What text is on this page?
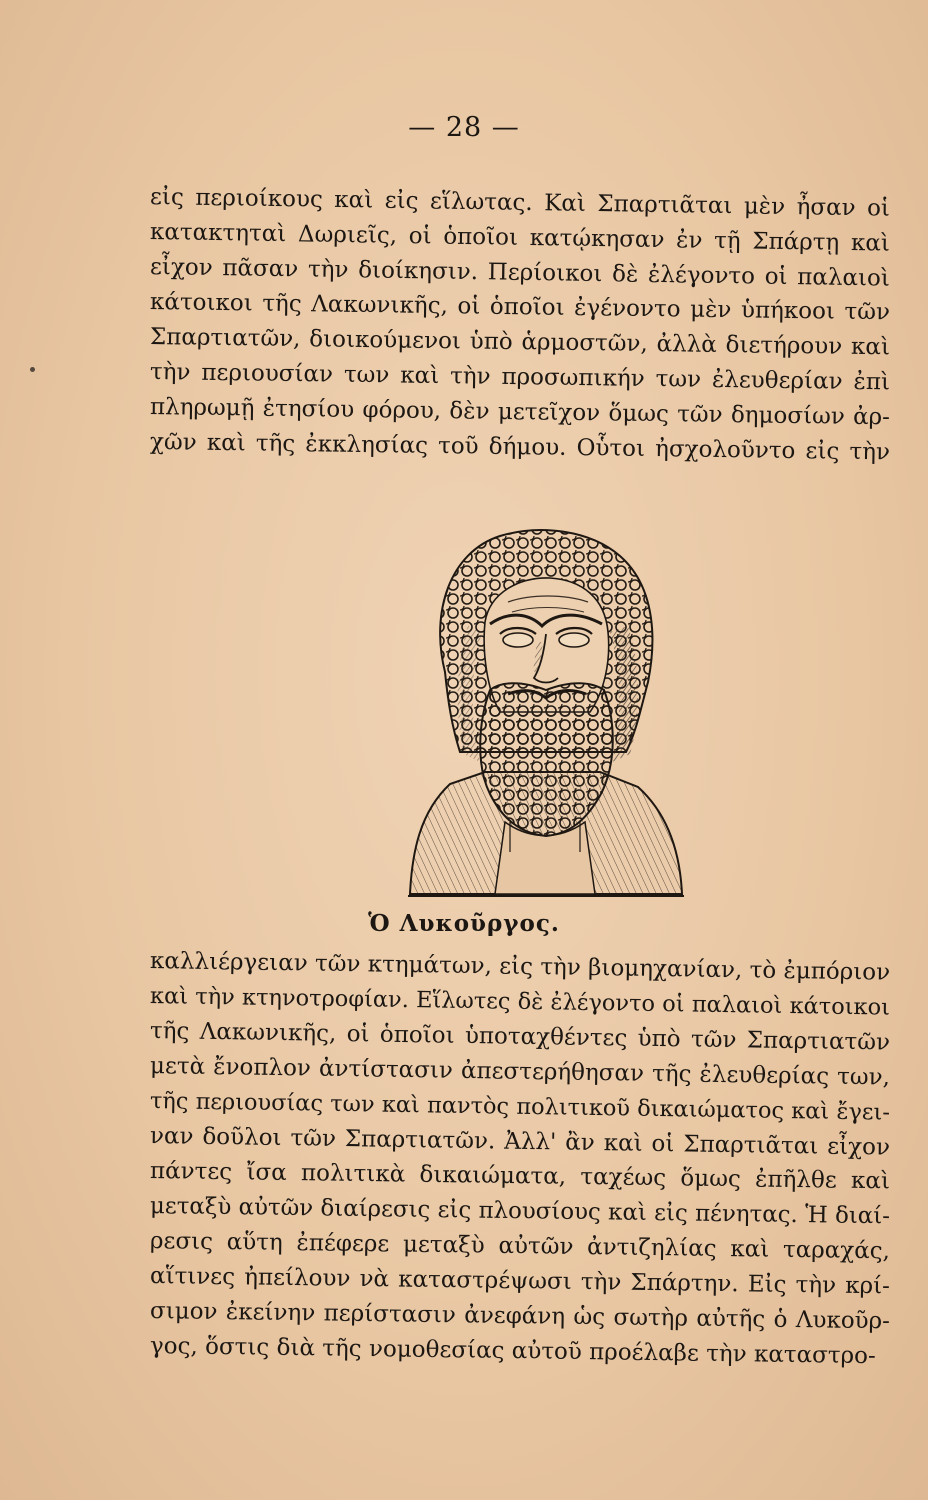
— 28 —
εἰς περιοίκους καὶ εἰς εἵλωτας. Καὶ Σπαρτιᾶται μὲν ἦσαν οἱ
κατακτηταὶ Δωριεῖς, οἱ ὁποῖοι κατῴκησαν ἐν τῇ Σπάρτῃ καὶ
εἶχον πᾶσαν τὴν διοίκησιν. Περίοικοι δὲ ἐλέγοντο οἱ παλαιοὶ
κάτοικοι τῆς Λακωνικῆς, οἱ ὁποῖοι ἐγένοντο μὲν ὑπήκοοι τῶν
Σπαρτιατῶν, διοικούμενοι ὑπὸ ἁρμοστῶν, ἀλλὰ διετήρουν καὶ
τὴν περιουσίαν των καὶ τὴν προσωπικήν των ἐλευθερίαν ἐπὶ
πληρωμῇ ἐτησίου φόρου, δὲν μετεῖχον ὅμως τῶν δημοσίων ἀρ-
χῶν καὶ τῆς ἐκκλησίας τοῦ δήμου. Οὗτοι ἠσχολοῦντο εἰς τὴν
Ὁ Λυκοῦργος.
καλλιέργειαν τῶν κτημάτων, εἰς τὴν βιομηχανίαν, τὸ ἐμπόριον
καὶ τὴν κτηνοτροφίαν. Εἵλωτες δὲ ἐλέγοντο οἱ παλαιοὶ κάτοικοι
τῆς Λακωνικῆς, οἱ ὁποῖοι ὑποταχθέντες ὑπὸ τῶν Σπαρτιατῶν
μετὰ ἔνοπλον ἀντίστασιν ἀπεστερήθησαν τῆς ἐλευθερίας των,
τῆς περιουσίας των καὶ παντὸς πολιτικοῦ δικαιώματος καὶ ἔγει-
ναν δοῦλοι τῶν Σπαρτιατῶν. Ἀλλ' ἂν καὶ οἱ Σπαρτιᾶται εἶχον
πάντες ἴσα πολιτικὰ δικαιώματα, ταχέως ὅμως ἐπῆλθε καὶ
μεταξὺ αὐτῶν διαίρεσις εἰς πλουσίους καὶ εἰς πένητας. Ἡ διαί-
ρεσις αὕτη ἐπέφερε μεταξὺ αὐτῶν ἀντιζηλίας καὶ ταραχάς,
αἵτινες ἠπείλουν νὰ καταστρέψωσι τὴν Σπάρτην. Εἰς τὴν κρί-
σιμον ἐκείνην περίστασιν ἀνεφάνη ὡς σωτὴρ αὐτῆς ὁ Λυκοῦρ-
γος, ὅστις διὰ τῆς νομοθεσίας αὐτοῦ προέλαβε τὴν καταστρο-
